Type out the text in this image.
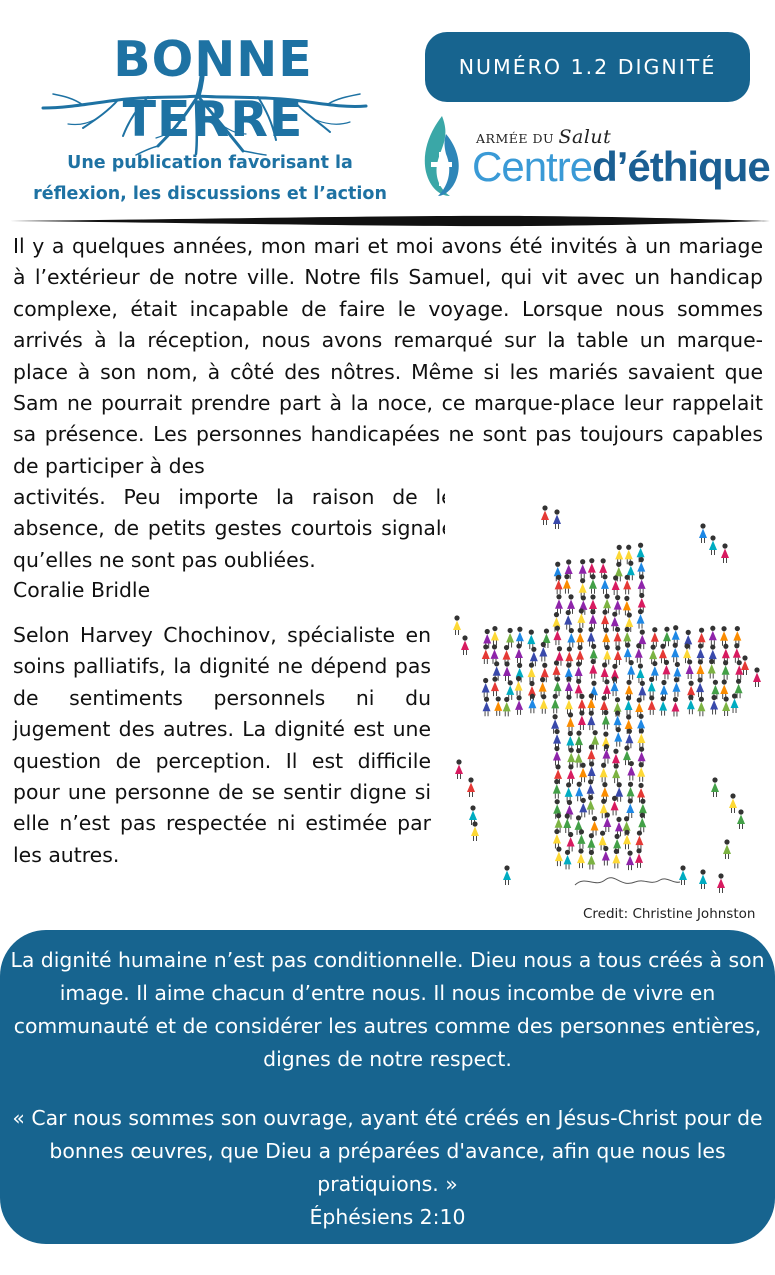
BONNE TERRE
Une publication favorisant la réflexion, les discussions et l’action
NUMÉRO 1.2 DIGNITÉ
ARMÉE DU Salut
Centred’éthique
Il y a quelques années, mon mari et moi avons été invités à un mariage à l’extérieur de notre ville. Notre fils Samuel, qui vit avec un handicap complexe, était incapable de faire le voyage. Lorsque nous sommes arrivés à la réception, nous avons remarqué sur la table un marque-place à son nom, à côté des nôtres. Même si les mariés savaient que Sam ne pourrait prendre part à la noce, ce marque-place leur rappelait sa présence. Les personnes handicapées ne sont pas toujours capables de participer à des
activités. Peu importe la raison de leur absence, de petits gestes courtois signalent qu’elles ne sont pas oubliées.
Coralie Bridle
Selon Harvey Chochinov, spécialiste en soins palliatifs, la dignité ne dépend pas de sentiments personnels ni du jugement des autres. La dignité est une question de perception. Il est difficile pour une personne de se sentir digne si elle n’est pas respectée ni estimée par les autres.
Credit: Christine Johnston
La dignité humaine n’est pas conditionnelle. Dieu nous a tous créés à son image. Il aime chacun d’entre nous. Il nous incombe de vivre en communauté et de considérer les autres comme des personnes entières, dignes de notre respect.
« Car nous sommes son ouvrage, ayant été créés en Jésus-Christ pour de bonnes œuvres, que Dieu a préparées d'avance, afin que nous les pratiquions. »
Éphésiens 2:10
